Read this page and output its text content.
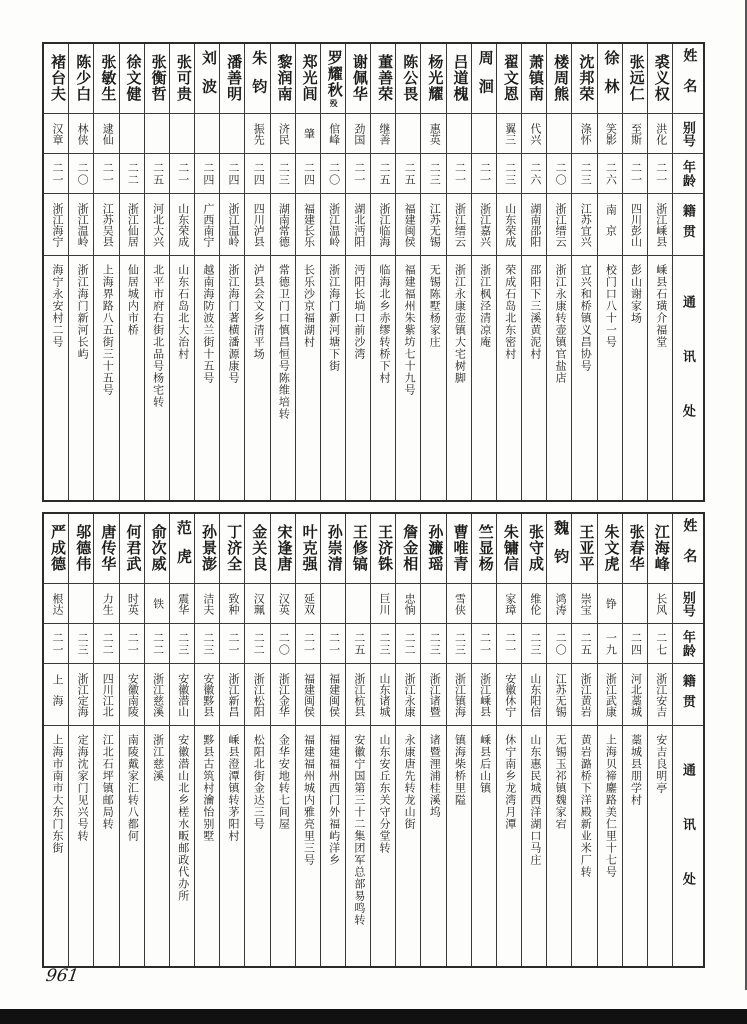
姓名
别号
年龄
籍贯
通讯处
裘义权
洪化
二一
浙江嵊县
嵊县石璜介福堂
张远仁
至斯
二一
四川彭山
彭山谢家场
徐林
笑影
二六
南京
校门口八十一号
沈邦荣
涤怀
二三
江苏宜兴
宜兴和桥镇义昌协号
楼周熊
二〇
浙江缙云
浙江永康转壶镇官盐店
萧镇南
代兴
二六
湖南邵阳
邵阳下三溪黄泥村
翟文恩
翼三
二三
山东荣成
荣成石岛北东密村
周洄
二一
浙江嘉兴
浙江枫泾清凉庵
吕道槐
二一
浙江缙云
浙江永康壶镇大宅树脚
杨光耀
惠英
二三
江苏无锡
无锡陈墅杨家庄
陈公畏
二五
福建闽侯
福建福州朱紫坊七十九号
董善荣
继善
二五
浙江临海
临海北乡赤缪转桥下村
谢佩华
劲国
二一
湖北沔阳
沔阳长埫口前沙湾
罗耀秋
殁
倌峰
二〇
浙江温岭
浙江海门新河塘下街
郑光闾
肇
二四
福建长乐
长乐沙京福湖村
黎润南
济民
二三
湖南常德
常德卫门口慎昌恒号陈维培转
朱钧
振先
二四
四川泸县
泸县会文乡清平场
潘善明
二四
浙江温岭
浙江海门著横潘源康号
刘波
二四
广西南宁
越南海防波兰街十五号
张可贵
二一
山东荣成
山东石岛北大治村
张衡哲
二五
河北大兴
北平市府右街北品号杨宅转
徐文健
二二
浙江仙居
仙居城内市桥
张敏生
逮仙
二一
江苏吴县
上海界路八五街三十五号
陈少白
林侠
二〇
浙江温岭
浙江海门新河长屿
褚台夫
汉章
二一
浙江海宁
海宁永安村二号
姓名
别号
年龄
籍贯
通讯处
江海峰
长风
二七
浙江安吉
安吉良明亭
张春华
二四
河北藁城
藁城县朋学村
朱文虎
铮
一九
浙江武康
上海贝禘鏖路美仁里十七号
王亚平
崇宝
二五
浙江黄岩
黄岩潞桥下洋殿新业米厂转
魏钧
鸿涛
二〇
江苏无锡
无锡玉祁镇魏家宕
张守成
维伦
二三
山东阳信
山东惠民城西洋湖口马庄
朱镛信
家璋
二一
安徽休宁
休宁南乡龙湾月潭
竺显杨
二一
浙江嵊县
嵊县后山镇
曹唯青
雪侠
二三
浙江镇海
镇海柴桥里隘
孙濂瑶
二三
浙江诸暨
诸暨浬浦桂溪坞
詹金相
忠恦
二二
浙江永康
永康唐先转龙山街
王济铢
巨川
二三
山东诸城
山东安丘东关守分堂转
王修镐
二五
浙江杭县
安徽宁国第三十二集团军总部易鸣转
孙崇清
二一
福建闽侯
福建福州西门外福屿洋乡
叶克强
延双
二一
福建闽侯
福建福州城内雅亮里三号
宋逢唐
汉英
二〇
浙江金华
金华安地转七间屋
金关良
汉珮
二二
浙江松阳
松阳北街金达三号
丁济全
致种
二一
浙江新昌
嵊县澄潭镇转茅阳村
孙景澎
洁夫
二三
安徽黟县
黟县古筑村瀹怡别墅
范虎
震华
二三
安徽潜山
安徽潜山北乡槎水畈邮政代办所
俞次威
铁
二二
浙江慈溪
浙江慈溪
何君武
时英
二一
安徽南陵
南陵戴家汇转八都何
唐传华
力生
二二
四川江北
江北石坪镇邮局转
邬德伟
二三
浙江定海
定海沈家门见兴号转
严成德
根达
二一
上海
上海市南市大东门东街
961
